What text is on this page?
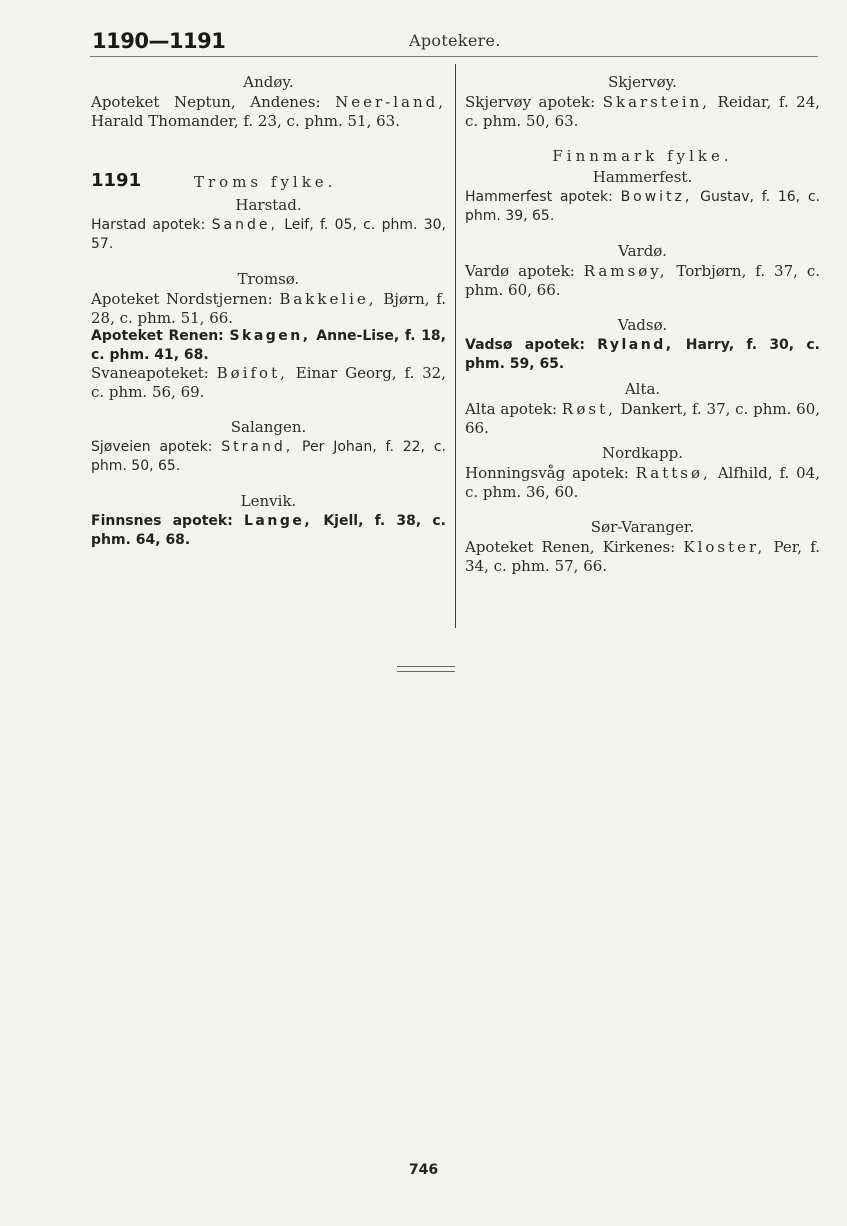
1190—1191	Apotekere.

Andøy.

Apoteket Neptun, Andenes: Neer-land, Harald Thomander, f. 23, c. phm. 51, 63.

1191	Troms fylke.

Harstad.

Harstad apotek: Sande, Leif, f. 05, c. phm. 30, 57.

Tromsø.

Apoteket Nordstjernen: Bakkelie, Bjørn, f. 28, c. phm. 51, 66.

Apoteket Renen: Skagen, Anne-Lise, f. 18, c. phm. 41, 68.

Svaneapoteket: Bøifot, Einar Georg, f. 32, c. phm. 56, 69.

Salangen.

Sjøveien apotek: Strand, Per Johan, f. 22, c. phm. 50, 65.

Lenvik.

Finnsnes apotek: Lange, Kjell, f. 38, c. phm. 64, 68.

Skjervøy.

Skjervøy apotek: Skarstein, Reidar, f. 24, c. phm. 50, 63.

Finnmark fylke.

Hammerfest.

Hammerfest apotek: Bowitz, Gustav, f. 16, c. phm. 39, 65.

Vardø.

Vardø apotek: Ramsøy, Torbjørn, f. 37, c. phm. 60, 66.

Vadsø.

Vadsø apotek: Ryland, Harry, f. 30, c. phm. 59, 65.

Alta.

Alta apotek: Røst, Dankert, f. 37, c. phm. 60, 66.

Nordkapp.

Honningsvåg apotek: Rattsø, Alfhild, f. 04, c. phm. 36, 60.

Sør-Varanger.

Apoteket Renen, Kirkenes: Kloster, Per, f. 34, c. phm. 57, 66.

746
